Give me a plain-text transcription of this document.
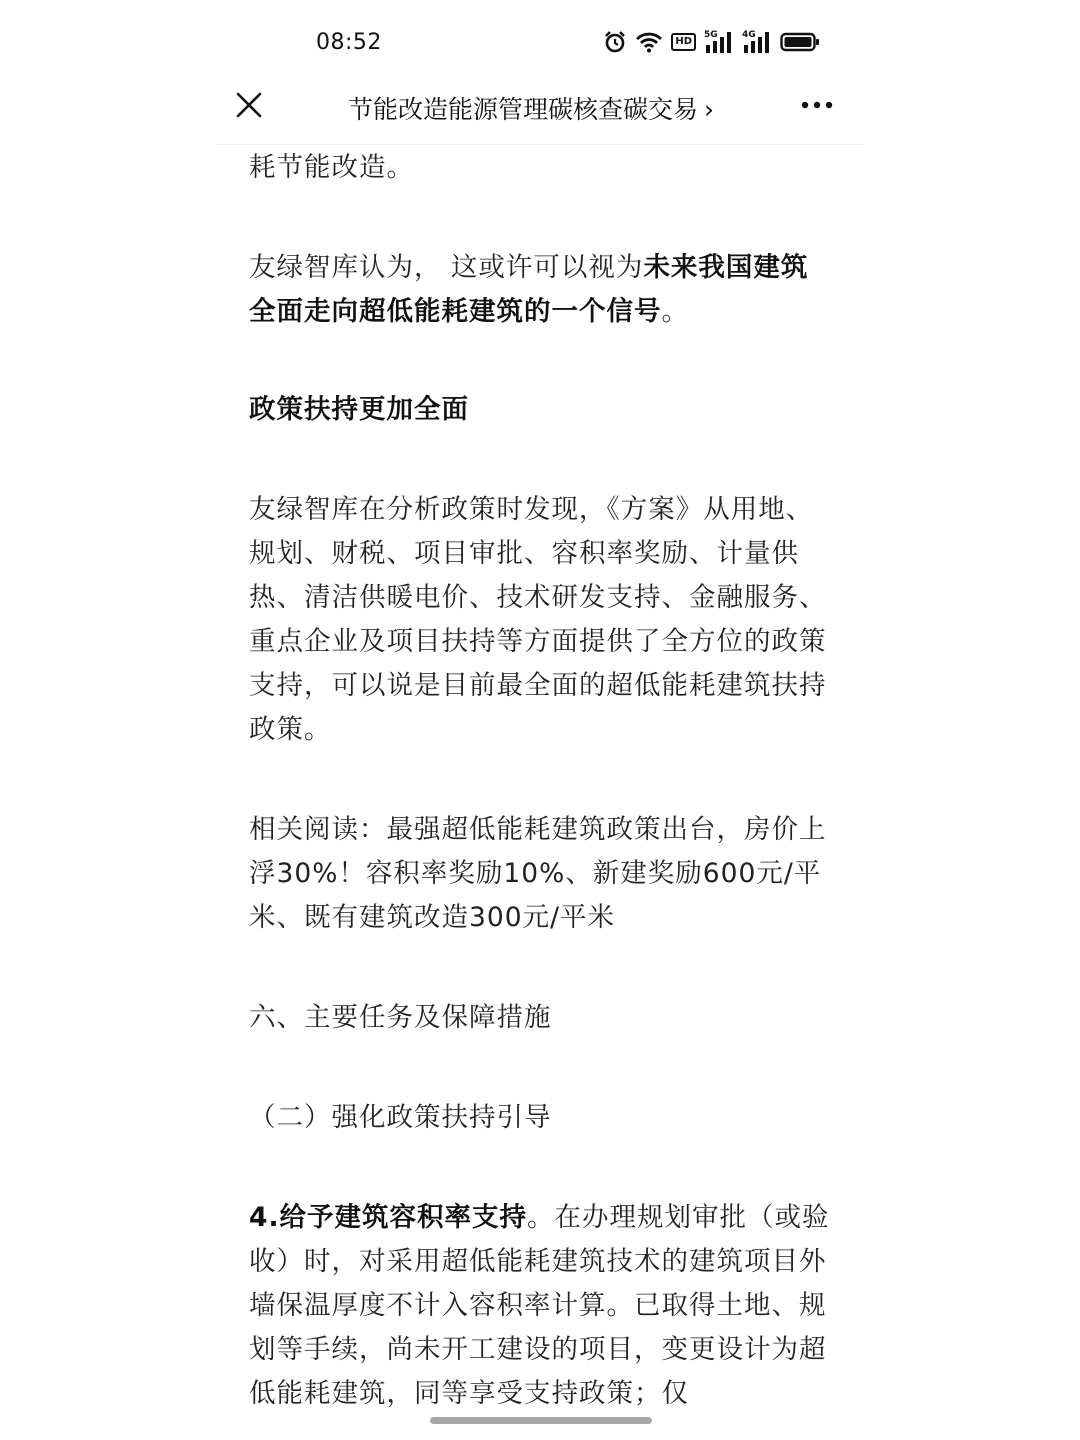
08:52	HD
5G	4G
节能改造能源管理碳核查碳交易 ›

耗节能改造。

友绿智库认为， 这或许可以视为未来我国建筑全面走向超低能耗建筑的一个信号。

政策扶持更加全面

友绿智库在分析政策时发现，《方案》从用地、规划、财税、项目审批、容积率奖励、计量供热、清洁供暖电价、技术研发支持、金融服务、重点企业及项目扶持等方面提供了全方位的政策支持，可以说是目前最全面的超低能耗建筑扶持政策。

相关阅读：最强超低能耗建筑政策出台，房价上浮30%！容积率奖励10%、新建奖励600元/平米、既有建筑改造300元/平米

六、主要任务及保障措施

（二）强化政策扶持引导

4.给予建筑容积率支持。在办理规划审批（或验收）时，对采用超低能耗建筑技术的建筑项目外墙保温厚度不计入容积率计算。已取得土地、规划等手续，尚未开工建设的项目，变更设计为超低能耗建筑，同等享受支持政策；仅
